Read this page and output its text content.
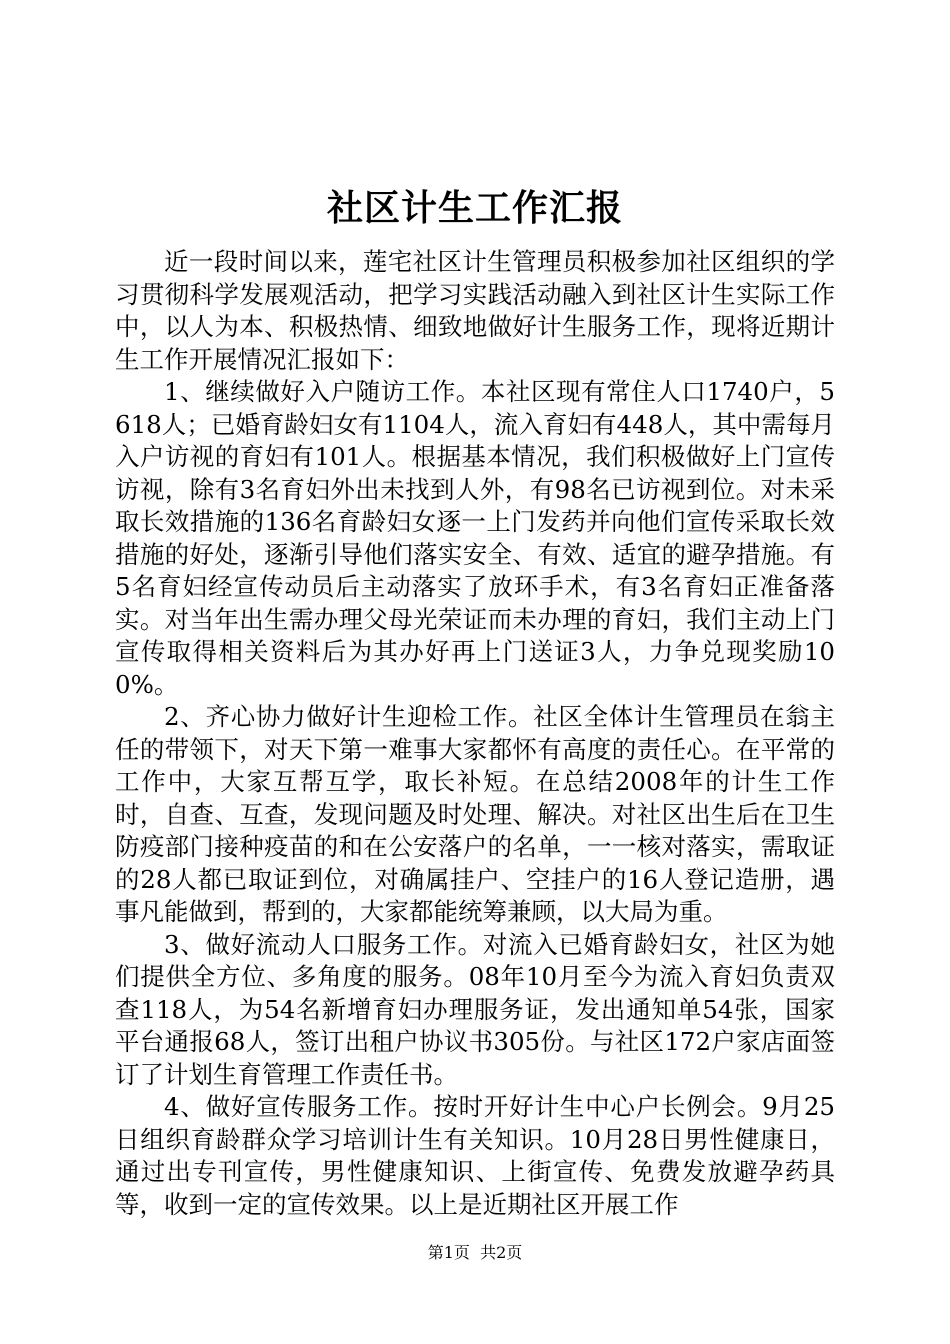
社区计生工作汇报

近一段时间以来，莲宅社区计生管理员积极参加社区组织的学习贯彻科学发展观活动，把学习实践活动融入到社区计生实际工作中，以人为本、积极热情、细致地做好计生服务工作，现将近期计生工作开展情况汇报如下：

1、继续做好入户随访工作。本社区现有常住人口1740户，5618人；已婚育龄妇女有1104人，流入育妇有448人，其中需每月入户访视的育妇有101人。根据基本情况，我们积极做好上门宣传访视，除有3名育妇外出未找到人外，有98名已访视到位。对未采取长效措施的136名育龄妇女逐一上门发药并向他们宣传采取长效措施的好处，逐渐引导他们落实安全、有效、适宜的避孕措施。有5名育妇经宣传动员后主动落实了放环手术，有3名育妇正准备落实。对当年出生需办理父母光荣证而未办理的育妇，我们主动上门宣传取得相关资料后为其办好再上门送证3人，力争兑现奖励100%。

2、齐心协力做好计生迎检工作。社区全体计生管理员在翁主任的带领下，对天下第一难事大家都怀有高度的责任心。在平常的工作中，大家互帮互学，取长补短。在总结2008年的计生工作时，自查、互查，发现问题及时处理、解决。对社区出生后在卫生防疫部门接种疫苗的和在公安落户的名单，一一核对落实，需取证的28人都已取证到位，对确属挂户、空挂户的16人登记造册，遇事凡能做到，帮到的，大家都能统筹兼顾，以大局为重。

3、做好流动人口服务工作。对流入已婚育龄妇女，社区为她们提供全方位、多角度的服务。08年10月至今为流入育妇负责双查118人，为54名新增育妇办理服务证，发出通知单54张，国家平台通报68人，签订出租户协议书305份。与社区172户家店面签订了计划生育管理工作责任书。

4、做好宣传服务工作。按时开好计生中心户长例会。9月25日组织育龄群众学习培训计生有关知识。10月28日男性健康日，通过出专刊宣传，男性健康知识、上街宣传、免费发放避孕药具等，收到一定的宣传效果。以上是近期社区开展工作

第1页  共2页
